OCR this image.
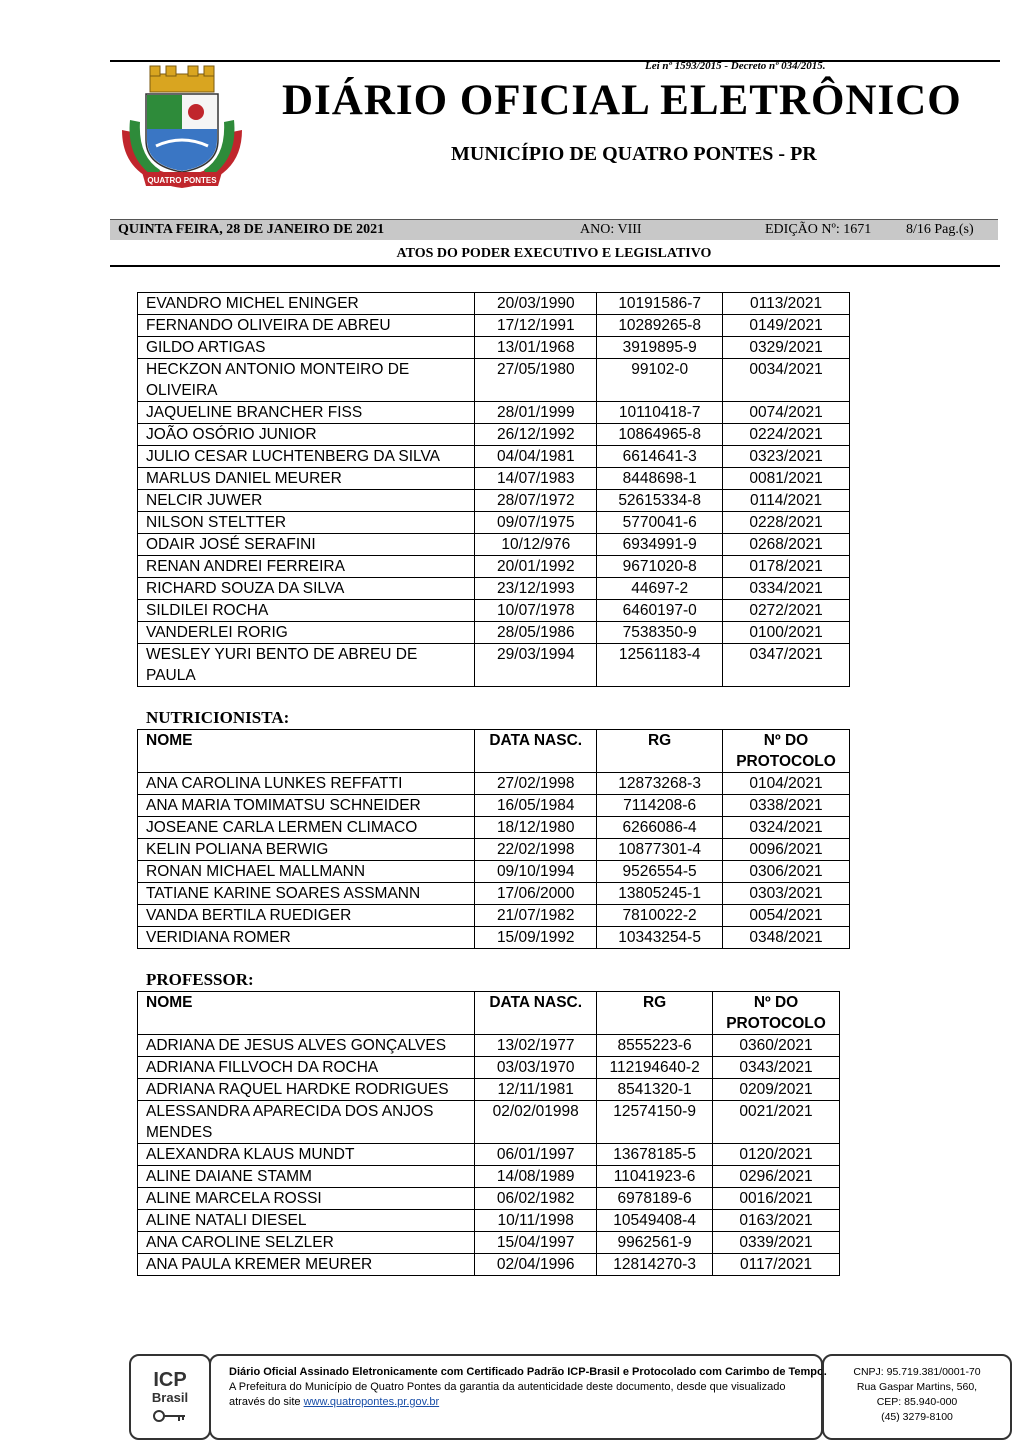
Lei nº 1593/2015 - Decreto nº 034/2015.
QUATRO PONTES
DIÁRIO OFICIAL ELETRÔNICO
MUNICÍPIO DE QUATRO PONTES - PR
QUINTA FEIRA, 28 DE JANEIRO DE 2021	ANO: VIII	EDIÇÃO Nº: 1671 8/16 Pag.(s)
ATOS DO PODER EXECUTIVO E LEGISLATIVO
EVANDRO MICHEL ENINGER	20/03/1990	10191586-7	0113/2021
FERNANDO OLIVEIRA DE ABREU	17/12/1991	10289265-8	0149/2021
GILDO ARTIGAS	13/01/1968	3919895-9	0329/2021
HECKZON ANTONIO MONTEIRO DE OLIVEIRA	27/05/1980	99102-0	0034/2021
JAQUELINE BRANCHER FISS	28/01/1999	10110418-7	0074/2021
JOÃO OSÓRIO JUNIOR	26/12/1992	10864965-8	0224/2021
JULIO CESAR LUCHTENBERG DA SILVA	04/04/1981	6614641-3	0323/2021
MARLUS DANIEL MEURER	14/07/1983	8448698-1	0081/2021
NELCIR JUWER	28/07/1972	52615334-8	0114/2021
NILSON STELTTER	09/07/1975	5770041-6	0228/2021
ODAIR JOSÉ SERAFINI	10/12/976	6934991-9	0268/2021
RENAN ANDREI FERREIRA	20/01/1992	9671020-8	0178/2021
RICHARD SOUZA DA SILVA	23/12/1993	44697-2	0334/2021
SILDILEI ROCHA	10/07/1978	6460197-0	0272/2021
VANDERLEI RORIG	28/05/1986	7538350-9	0100/2021
WESLEY YURI BENTO DE ABREU DE PAULA	29/03/1994	12561183-4	0347/2021
NUTRICIONISTA:
NOME	DATA NASC.	RG	Nº DO PROTOCOLO
ANA CAROLINA LUNKES REFFATTI	27/02/1998	12873268-3	0104/2021
ANA MARIA TOMIMATSU SCHNEIDER	16/05/1984	7114208-6	0338/2021
JOSEANE CARLA LERMEN CLIMACO	18/12/1980	6266086-4	0324/2021
KELIN POLIANA BERWIG	22/02/1998	10877301-4	0096/2021
RONAN MICHAEL MALLMANN	09/10/1994	9526554-5	0306/2021
TATIANE KARINE SOARES ASSMANN	17/06/2000	13805245-1	0303/2021
VANDA BERTILA RUEDIGER	21/07/1982	7810022-2	0054/2021
VERIDIANA ROMER	15/09/1992	10343254-5	0348/2021
PROFESSOR:
NOME	DATA NASC.	RG	Nº DO PROTOCOLO
ADRIANA DE JESUS ALVES GONÇALVES	13/02/1977	8555223-6	0360/2021
ADRIANA FILLVOCH DA ROCHA	03/03/1970	112194640-2	0343/2021
ADRIANA RAQUEL HARDKE RODRIGUES	12/11/1981	8541320-1	0209/2021
ALESSANDRA APARECIDA DOS ANJOS MENDES	02/02/01998	12574150-9	0021/2021
ALEXANDRA KLAUS MUNDT	06/01/1997	13678185-5	0120/2021
ALINE DAIANE STAMM	14/08/1989	11041923-6	0296/2021
ALINE MARCELA ROSSI	06/02/1982	6978189-6	0016/2021
ALINE NATALI DIESEL	10/11/1998	10549408-4	0163/2021
ANA CAROLINE SELZLER	15/04/1997	9962561-9	0339/2021
ANA PAULA KREMER MEURER	02/04/1996	12814270-3	0117/2021
ICP
Brasil
Diário Oficial Assinado Eletronicamente com Certificado Padrão ICP-Brasil e Protocolado com Carimbo de Tempo.
A Prefeitura do Município de Quatro Pontes da garantia da autenticidade deste documento, desde que visualizado
através do site www.quatropontes.pr.gov.br
CNPJ: 95.719.381/0001-70
Rua Gaspar Martins, 560,
CEP: 85.940-000
(45) 3279-8100
